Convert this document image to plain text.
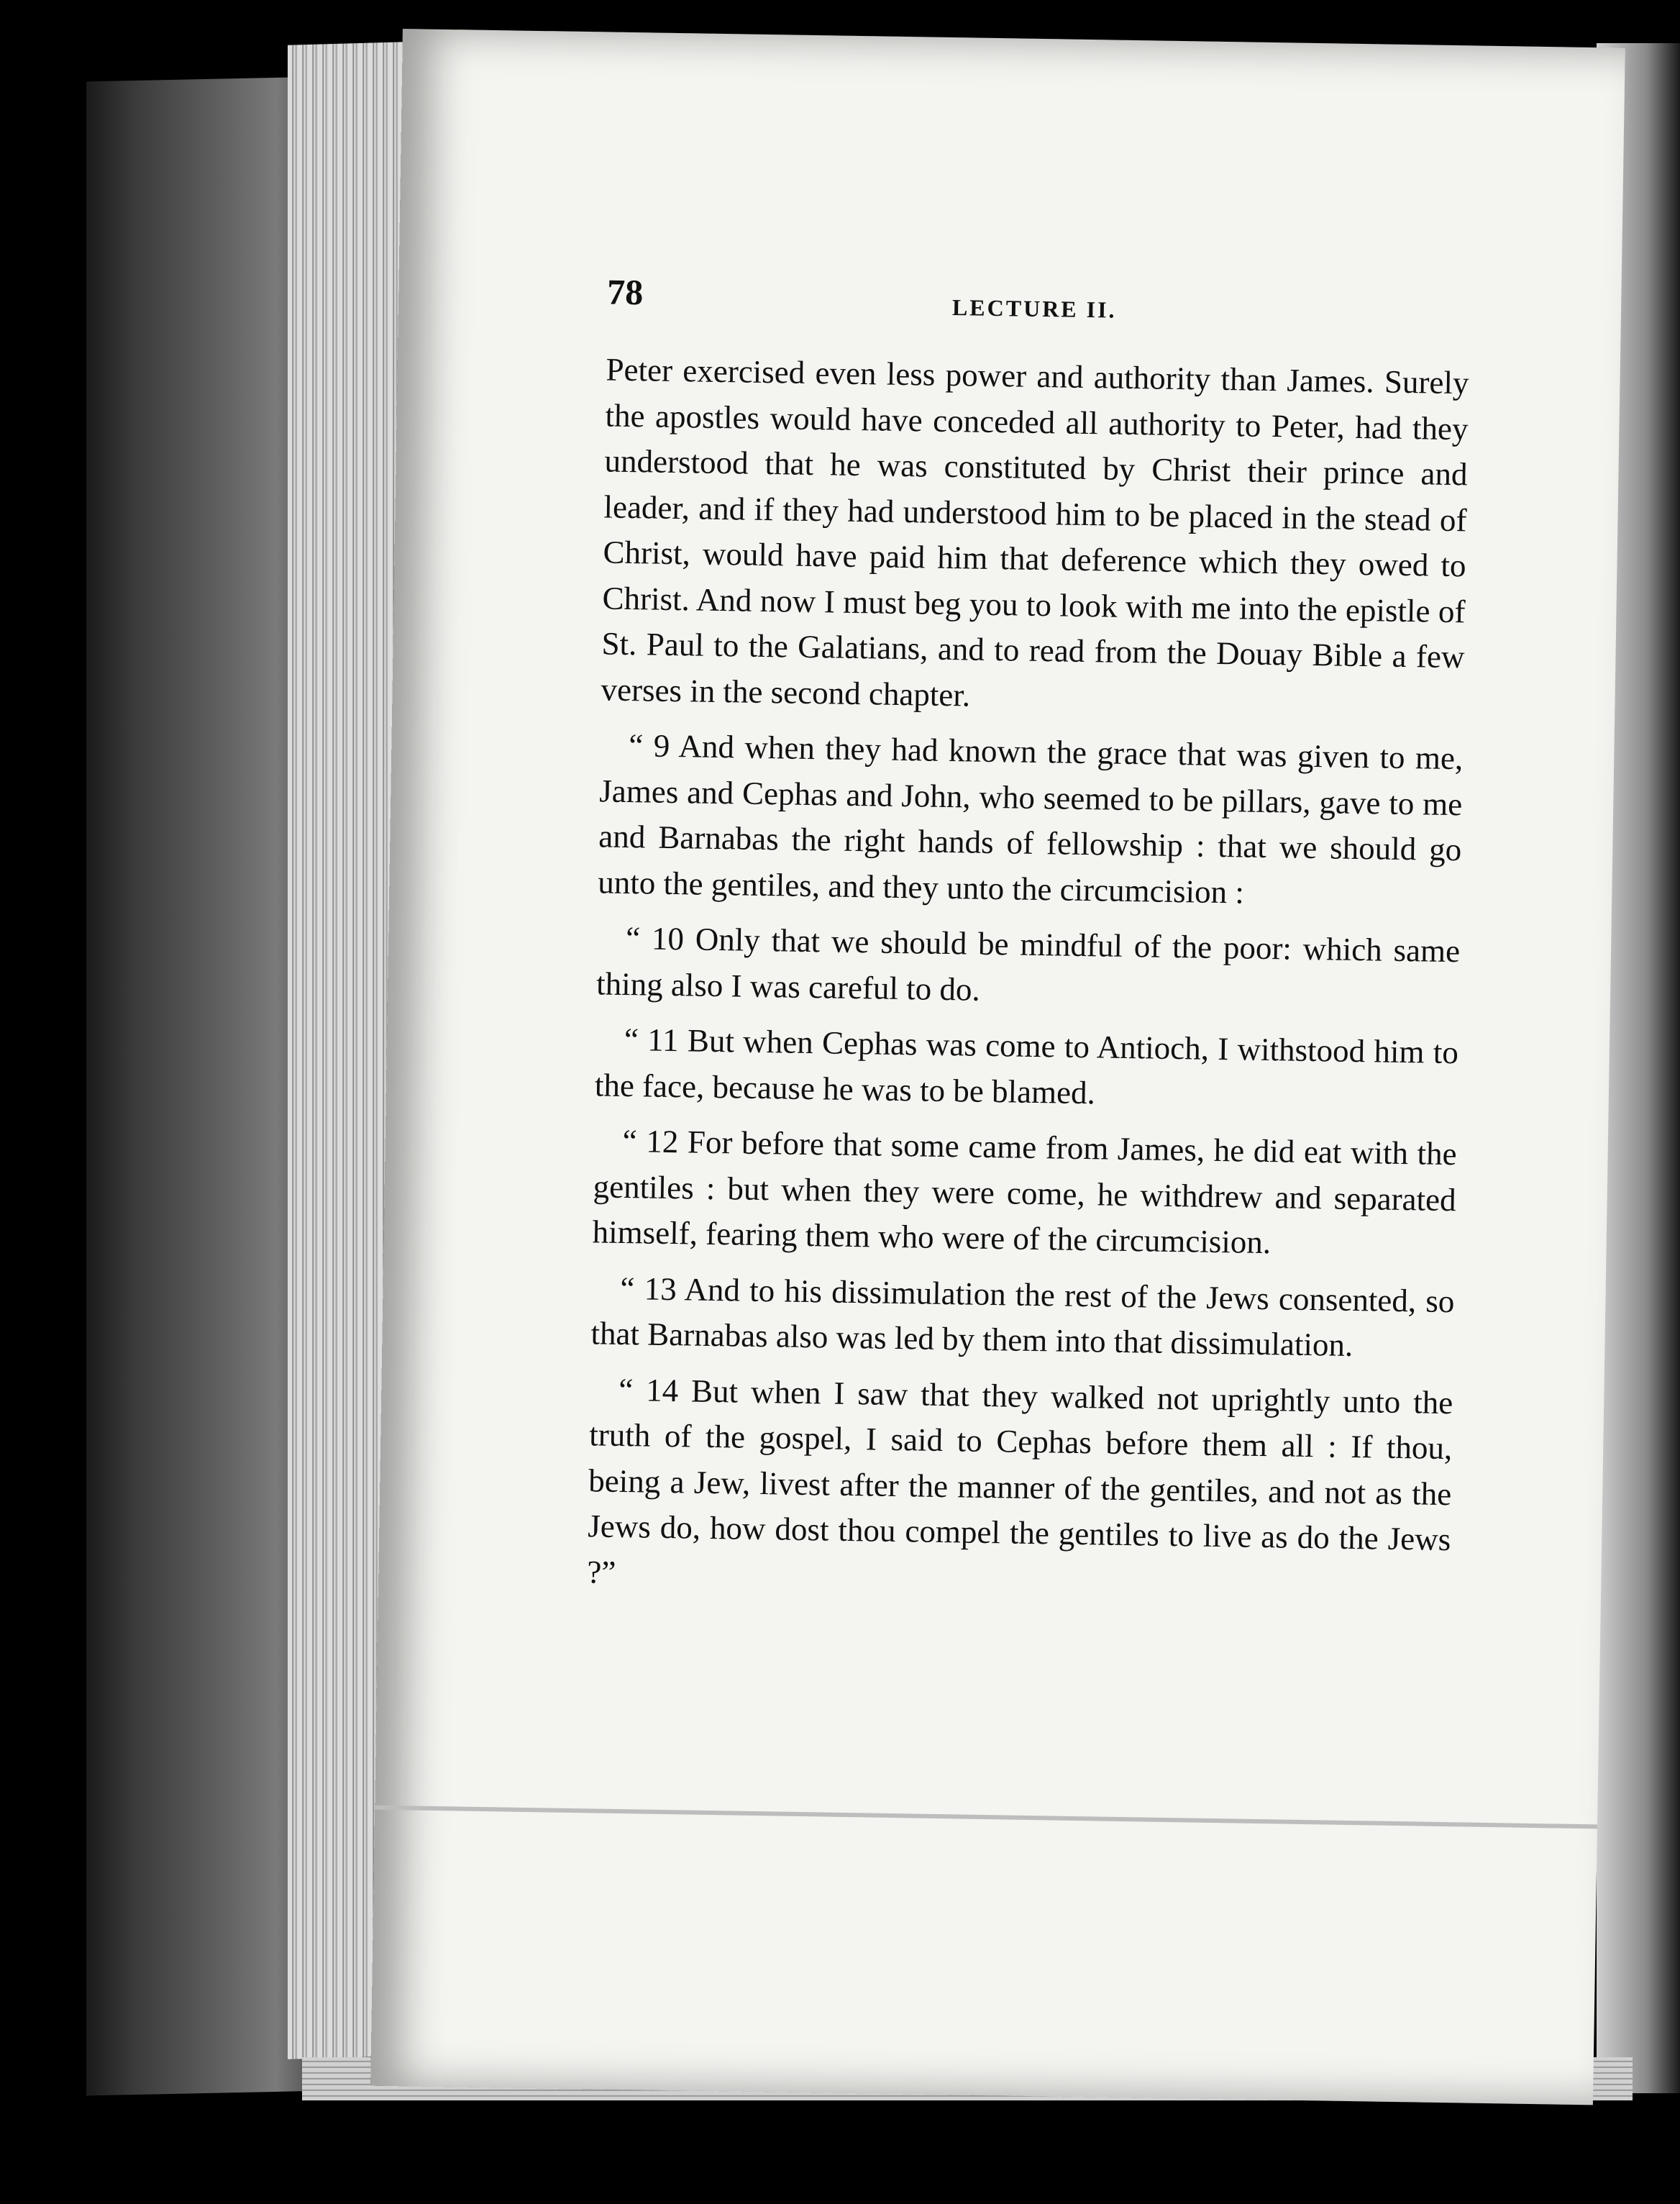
78	LECTURE II.

Peter exercised even less power and authority than James. Surely the apostles would have conceded all authority to Peter, had they understood that he was constituted by Christ their prince and leader, and if they had understood him to be placed in the stead of Christ, would have paid him that deference which they owed to Christ. And now I must beg you to look with me into the epistle of St. Paul to the Galatians, and to read from the Douay Bible a few verses in the second chapter.

“ 9 And when they had known the grace that was given to me, James and Cephas and John, who seemed to be pillars, gave to me and Barnabas the right hands of fellowship : that we should go unto the gentiles, and they unto the circumcision :

“ 10 Only that we should be mindful of the poor: which same thing also I was careful to do.

“ 11 But when Cephas was come to Antioch, I withstood him to the face, because he was to be blamed.

“ 12 For before that some came from James, he did eat with the gentiles : but when they were come, he withdrew and separated himself, fearing them who were of the circumcision.

“ 13 And to his dissimulation the rest of the Jews consented, so that Barnabas also was led by them into that dissimulation.

“ 14 But when I saw that they walked not uprightly unto the truth of the gospel, I said to Cephas before them all : If thou, being a Jew, livest after the manner of the gentiles, and not as the Jews do, how dost thou compel the gentiles to live as do the Jews ?”
